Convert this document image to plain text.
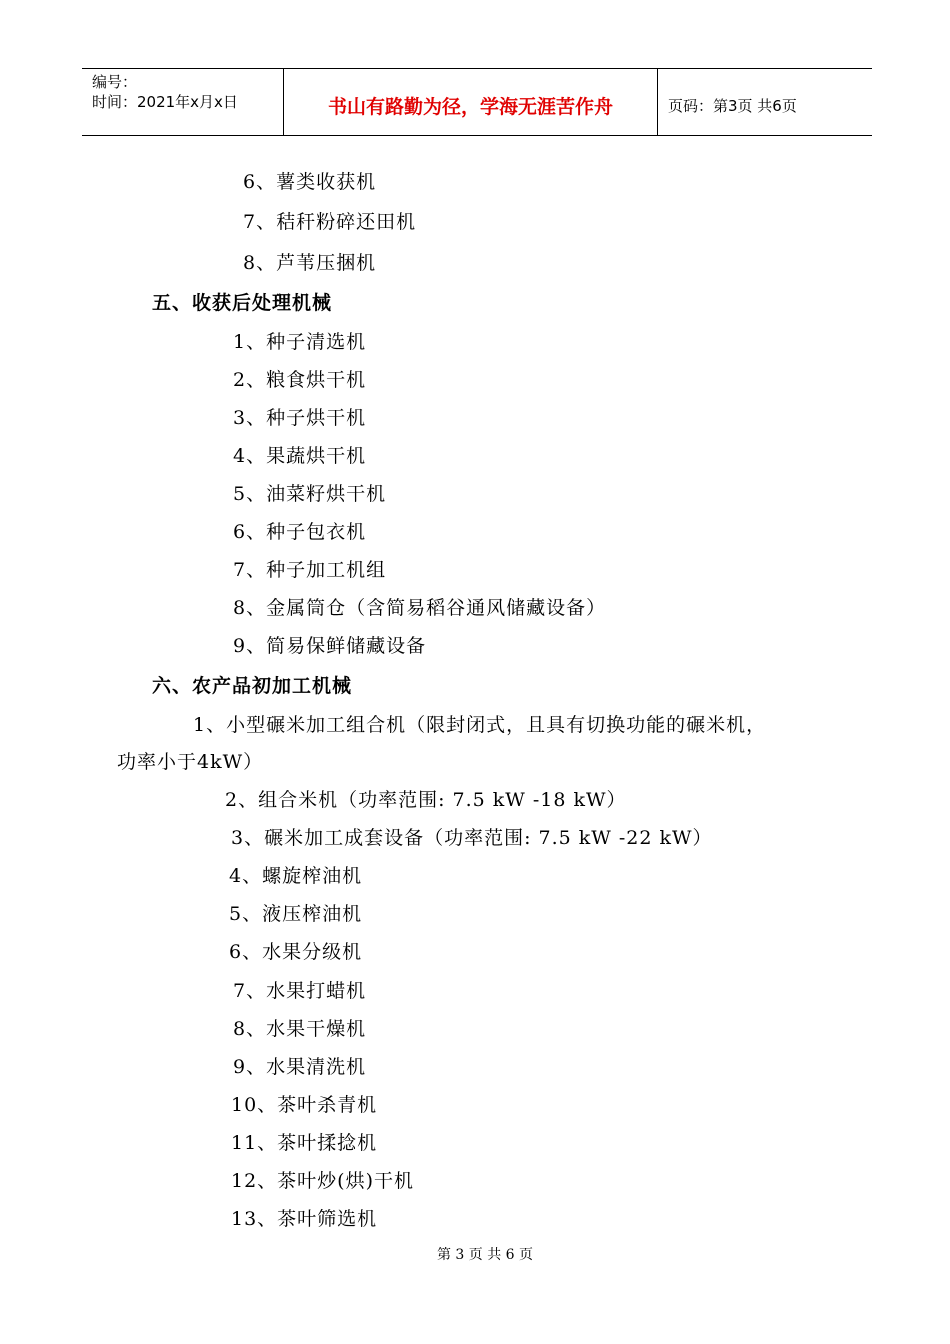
编号：
时间：2021年x月x日	书山有路勤为径，学海无涯苦作舟	页码：第3页 共6页
6、薯类收获机
7、秸秆粉碎还田机
8、芦苇压捆机
五、收获后处理机械
1、种子清选机
2、粮食烘干机
3、种子烘干机
4、果蔬烘干机
5、油菜籽烘干机
6、种子包衣机
7、种子加工机组
8、金属筒仓（含简易稻谷通风储藏设备）
9、简易保鲜储藏设备
六、农产品初加工机械
1、小型碾米加工组合机（限封闭式，且具有切换功能的碾米机，
功率小于4kW）
2、组合米机（功率范围: 7.5 kW -18 kW）
3、碾米加工成套设备（功率范围: 7.5 kW -22 kW）
4、螺旋榨油机
5、液压榨油机
6、水果分级机
7、水果打蜡机
8、水果干燥机
9、水果清洗机
10、茶叶杀青机
11、茶叶揉捻机
12、茶叶炒(烘)干机
13、茶叶筛选机
第 3 页 共 6 页
